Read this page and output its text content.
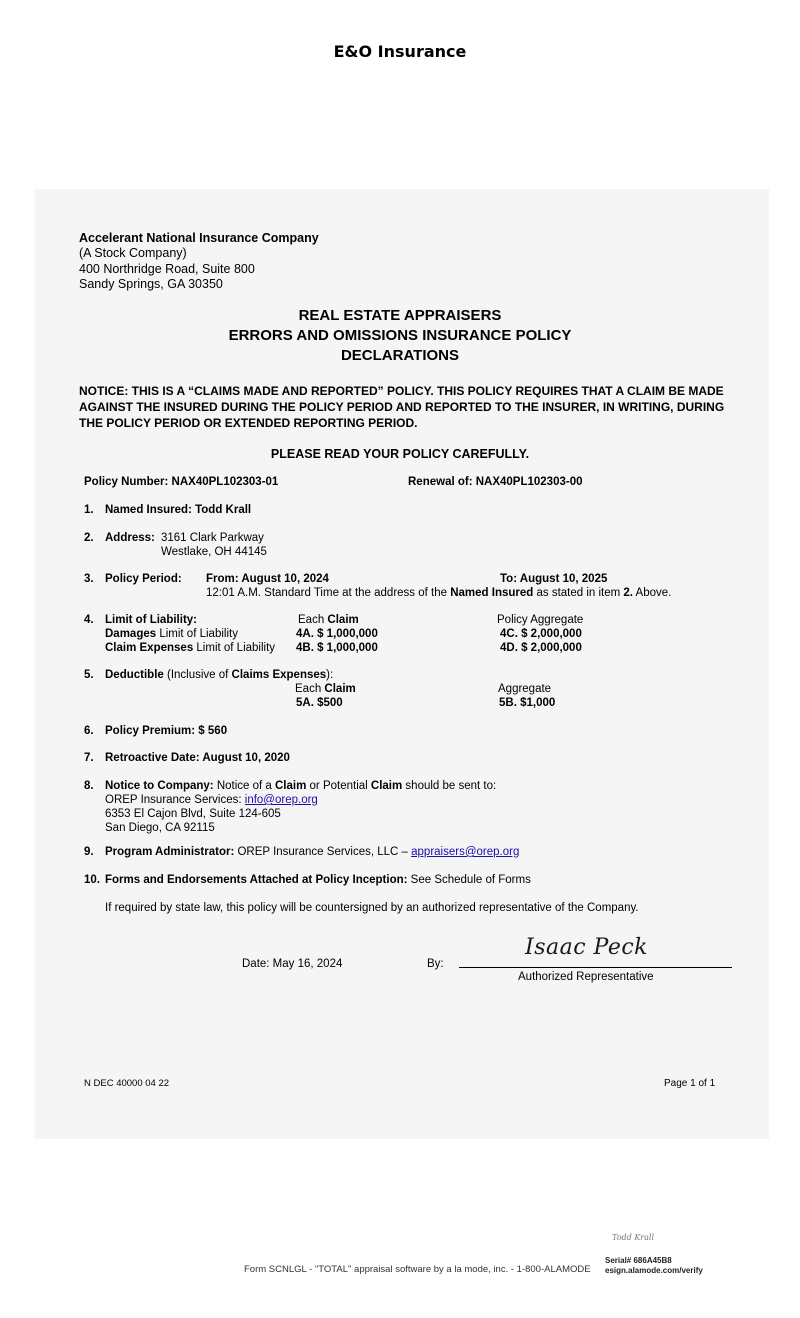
E&O Insurance
Accelerant National Insurance Company
(A Stock Company)
400 Northridge Road, Suite 800
Sandy Springs, GA 30350
REAL ESTATE APPRAISERS
ERRORS AND OMISSIONS INSURANCE POLICY
DECLARATIONS
NOTICE: THIS IS A “CLAIMS MADE AND REPORTED” POLICY. THIS POLICY REQUIRES THAT A CLAIM BE MADE AGAINST THE INSURED DURING THE POLICY PERIOD AND REPORTED TO THE INSURER, IN WRITING, DURING THE POLICY PERIOD OR EXTENDED REPORTING PERIOD.
PLEASE READ YOUR POLICY CAREFULLY.
Policy Number: NAX40PL102303-01	Renewal of: NAX40PL102303-00
1. Named Insured: Todd Krall
2. Address: 3161 Clark Parkway
Westlake, OH 44145
3. Policy Period: From: August 10, 2024	To: August 10, 2025
12:01 A.M. Standard Time at the address of the Named Insured as stated in item 2. Above.
4. Limit of Liability:	Each Claim	Policy Aggregate
Damages Limit of Liability	4A. $ 1,000,000	4C. $ 2,000,000
Claim Expenses Limit of Liability 4B. $ 1,000,000	4D. $ 2,000,000
5. Deductible (Inclusive of Claims Expenses):
Each Claim	Aggregate
5A. $500	5B. $1,000
6. Policy Premium: $ 560
7. Retroactive Date: August 10, 2020
8. Notice to Company: Notice of a Claim or Potential Claim should be sent to:
OREP Insurance Services: info@orep.org
6353 El Cajon Blvd, Suite 124-605
San Diego, CA 92115
9. Program Administrator: OREP Insurance Services, LLC – appraisers@orep.org
10. Forms and Endorsements Attached at Policy Inception: See Schedule of Forms
If required by state law, this policy will be countersigned by an authorized representative of the Company.
Date: May 16, 2024	By:
Isaac Peck
Authorized Representative
N DEC 40000 04 22	Page 1 of 1
Todd Krall
Form SCNLGL - "TOTAL" appraisal software by a la mode, inc. - 1-800-ALAMODE
Serial# 686A45B8
esign.alamode.com/verify
